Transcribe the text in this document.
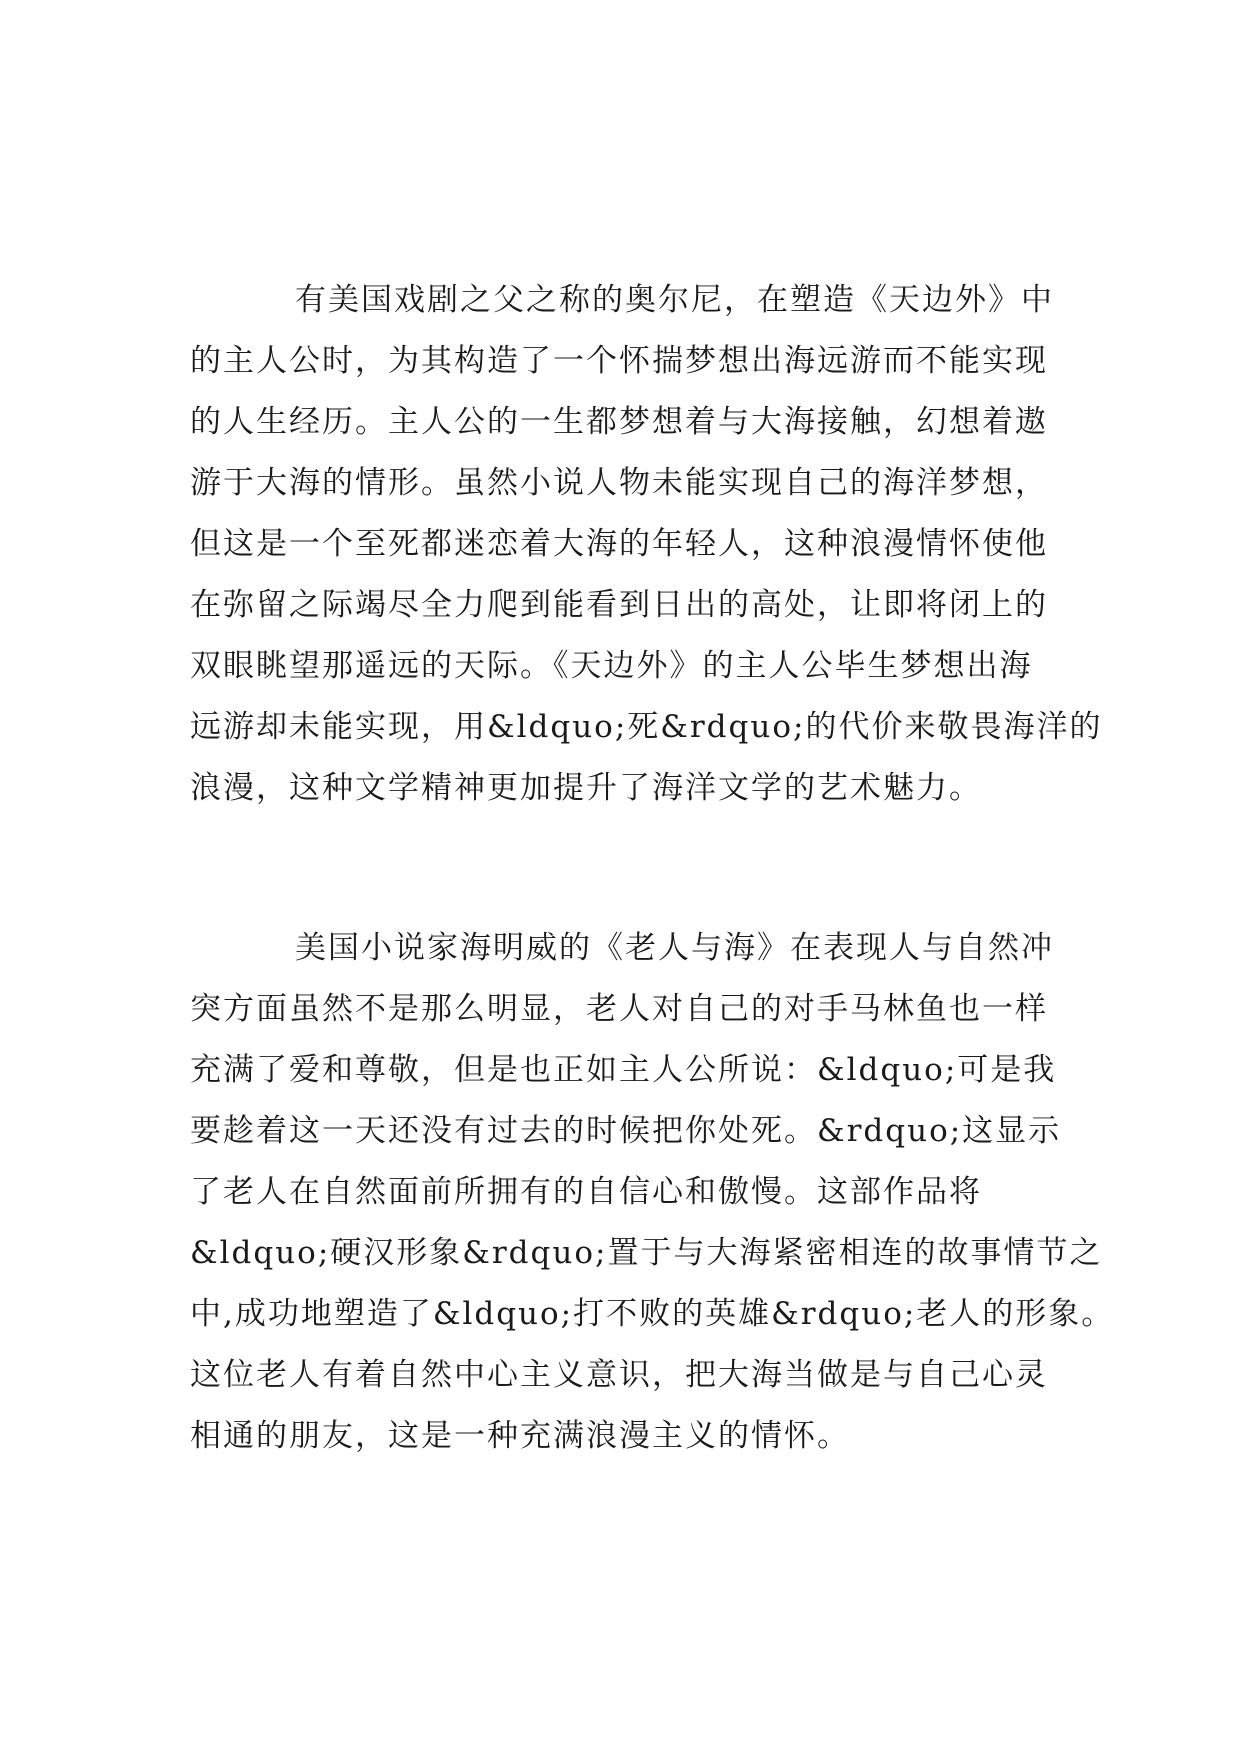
有美国戏剧之父之称的奥尔尼，在塑造《天边外》中
的主人公时，为其构造了一个怀揣梦想出海远游而不能实现
的人生经历。主人公的一生都梦想着与大海接触，幻想着遨
游于大海的情形。虽然小说人物未能实现自己的海洋梦想，
但这是一个至死都迷恋着大海的年轻人，这种浪漫情怀使他
在弥留之际竭尽全力爬到能看到日出的高处，让即将闭上的
双眼眺望那遥远的天际。《天边外》的主人公毕生梦想出海
远游却未能实现，用&ldquo;死&rdquo;的代价来敬畏海洋的
浪漫，这种文学精神更加提升了海洋文学的艺术魅力。
美国小说家海明威的《老人与海》在表现人与自然冲
突方面虽然不是那么明显，老人对自己的对手马林鱼也一样
充满了爱和尊敬，但是也正如主人公所说：&ldquo;可是我
要趁着这一天还没有过去的时候把你处死。&rdquo;这显示
了老人在自然面前所拥有的自信心和傲慢。这部作品将
&ldquo;硬汉形象&rdquo;置于与大海紧密相连的故事情节之
中,成功地塑造了&ldquo;打不败的英雄&rdquo;老人的形象。
这位老人有着自然中心主义意识，把大海当做是与自己心灵
相通的朋友，这是一种充满浪漫主义的情怀。
